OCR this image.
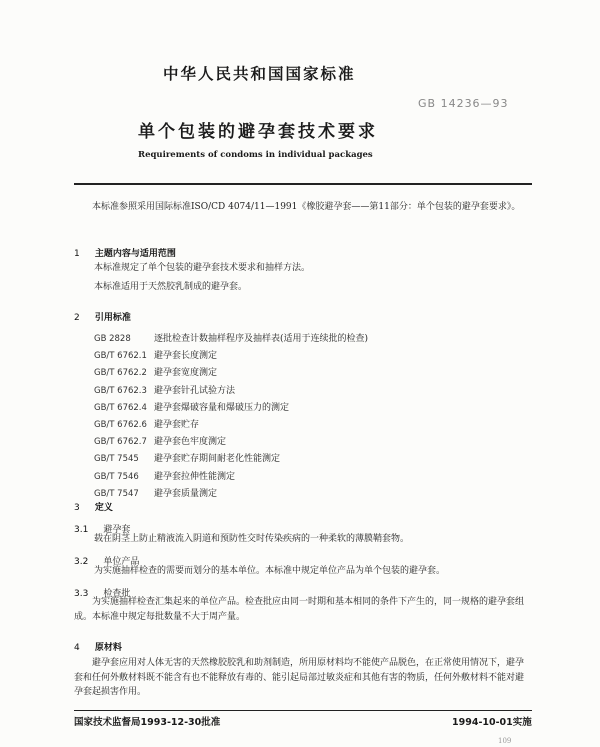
中华人民共和国国家标准
GB 14236—93
单个包装的避孕套技术要求
Requirements of condoms in individual packages
本标准参照采用国际标准ISO/CD 4074/11—1991《橡胶避孕套——第11部分：单个包装的避孕套要求》。
1 主题内容与适用范围
本标准规定了单个包装的避孕套技术要求和抽样方法。
本标准适用于天然胶乳制成的避孕套。
2 引用标准
GB 2828	逐批检查计数抽样程序及抽样表(适用于连续批的检查)
GB/T 6762.1 避孕套长度测定
GB/T 6762.2 避孕套宽度测定
GB/T 6762.3 避孕套针孔试验方法
GB/T 6762.4 避孕套爆破容量和爆破压力的测定
GB/T 6762.6 避孕套贮存
GB/T 6762.7 避孕套色牢度测定
GB/T 7545 避孕套贮存期间耐老化性能测定
GB/T 7546 避孕套拉伸性能测定
GB/T 7547 避孕套质量测定
3 定义
3.1 避孕套
载在阴茎上防止精液流入阴道和预防性交时传染疾病的一种柔软的薄膜鞘套物。
3.2 单位产品
为实施抽样检查的需要而划分的基本单位。本标准中规定单位产品为单个包装的避孕套。
3.3 检查批
为实施抽样检查汇集起来的单位产品。检查批应由同一时期和基本相同的条件下产生的，同一规格的避孕套组成。本标准中规定每批数量不大于周产量。
4 原材料
避孕套应用对人体无害的天然橡胶胶乳和助剂制造，所用原材料均不能使产品脱色，在正常使用情况下，避孕套和任何外敷材料既不能含有也不能释放有毒的、能引起局部过敏炎症和其他有害的物质，任何外敷材料不能对避孕套起损害作用。
国家技术监督局1993-12-30批准	1994-10-01实施
109
